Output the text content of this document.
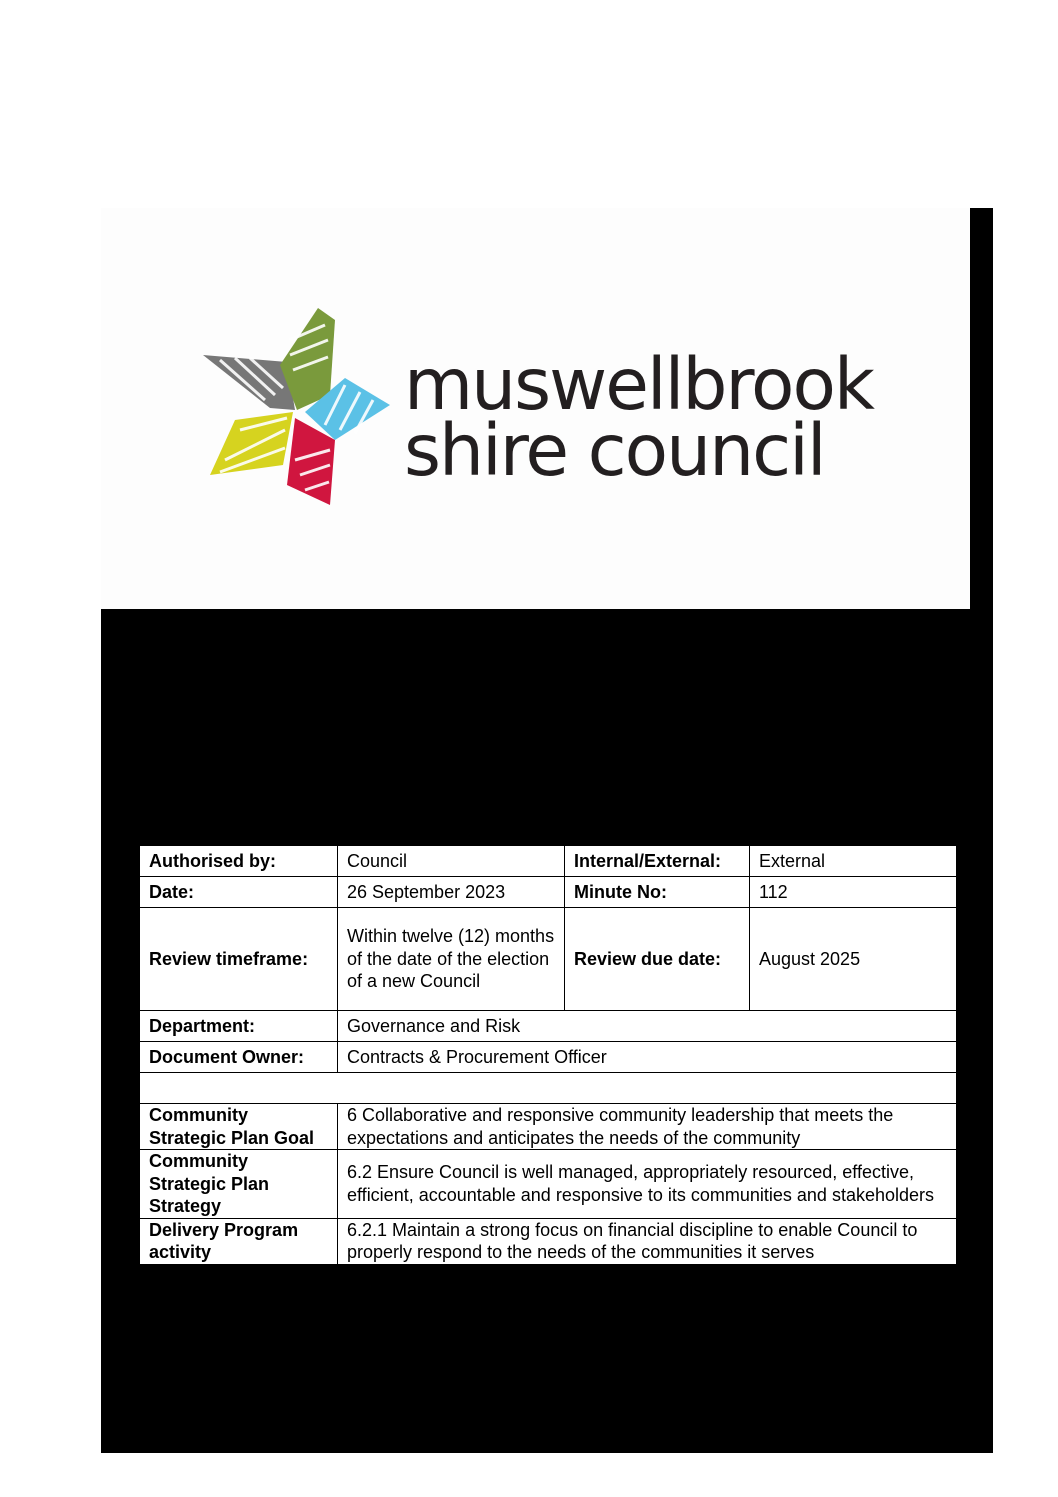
muswellbrook
shire council
Authorised by:	Council	Internal/External:	External
Date:	26 September 2023	Minute No:	112
Review timeframe:	Within twelve (12) months of the date of the election of a new Council	Review due date:	August 2025
Department:	Governance and Risk		
Document Owner:	Contracts & Procurement Officer		

Community Strategic Plan Goal	6 Collaborative and responsive community leadership that meets the expectations and anticipates the needs of the community		
Community Strategic Plan Strategy	6.2 Ensure Council is well managed, appropriately resourced, effective, efficient, accountable and responsive to its communities and stakeholders		
Delivery Program activity	6.2.1 Maintain a strong focus on financial discipline to enable Council to properly respond to the needs of the communities it serves		
